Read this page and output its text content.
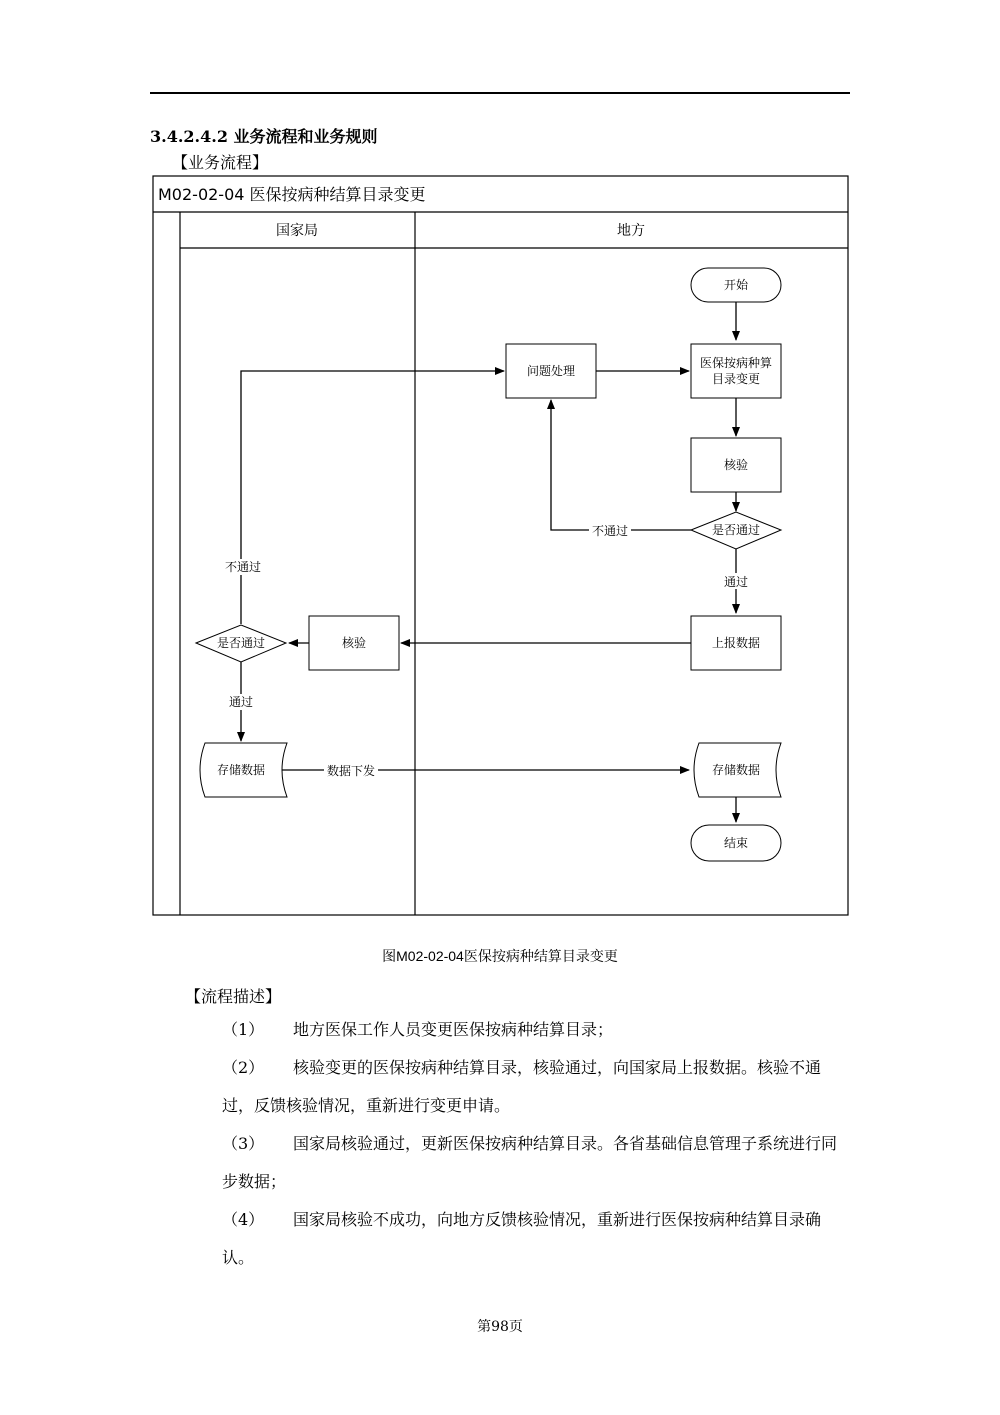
3.4.2.4.2 业务流程和业务规则
【业务流程】
M02-02-04 医保按病种结算目录变更
国家局	地方
开始
问题处理
医保按病种算
目录变更
核验
是否通过
上报数据
核验
是否通过
存储数据	存储数据
结束
不通过
通过
不通过
通过
数据下发
图M02-02-04医保按病种结算目录变更
【流程描述】
（1） 地方医保工作人员变更医保按病种结算目录；
（2） 核验变更的医保按病种结算目录，核验通过，向国家局上报数据。核验不通过，反馈核验情况，重新进行变更申请。
（3） 国家局核验通过，更新医保按病种结算目录。各省基础信息管理子系统进行同步数据；
（4） 国家局核验不成功，向地方反馈核验情况，重新进行医保按病种结算目录确认。
第98页
